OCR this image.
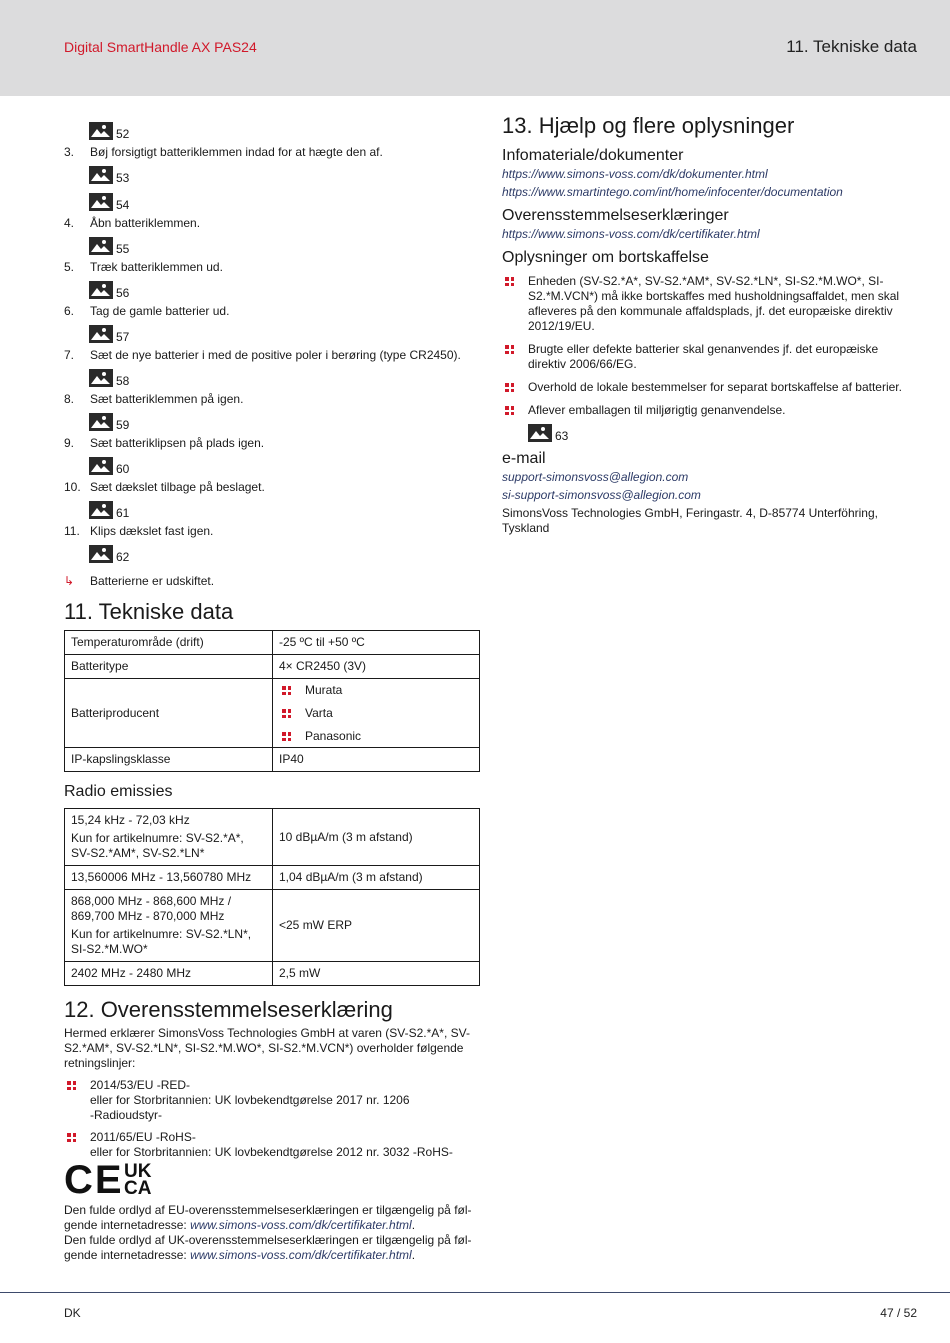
Digital SmartHandle AX PAS24	11. Tekniske data
52
3.	Bøj forsigtigt batteriklemmen indad for at hægte den af.
53
54
4.	Åbn batteriklemmen.
55
5.	Træk batteriklemmen ud.
56
6.	Tag de gamle batterier ud.
57
7.	Sæt de nye batterier i med de positive poler i berøring (type CR2450).
58
8.	Sæt batteriklemmen på igen.
59
9.	Sæt batteriklipsen på plads igen.
60
10. Sæt dækslet tilbage på beslaget.
61
11. Klips dækslet fast igen.
62
↳	Batterierne er udskiftet.
11. Tekniske data
Temperaturområde (drift)	-25 ºC til +50 ºC
Batteritype	4× CR2450 (3V)
Batteriproducent	Murata
Varta
Panasonic

IP-kapslingsklasse	IP40
Radio emissies
15,24 kHz - 72,03 kHz
Kun for artikelnumre: SV-S2.*A*, SV-S2.*AM*, SV-S2.*LN*	10 dBµA/m (3 m afstand)
13,560006 MHz - 13,560780 MHz	1,04 dBµA/m (3 m afstand)

868,000 MHz - 868,600 MHz / 869,700 MHz - 870,000 MHz
Kun for artikelnumre: SV-S2.*LN*, SI-S2.*M.WO*	<25 mW ERP
2402 MHz - 2480 MHz	2,5 mW
12. Overensstemmelseserklæring

Hermed erklærer SimonsVoss Technologies GmbH at varen (SV-S2.*A*, SV-S2.*AM*, SV-S2.*LN*, SI-S2.*M.WO*, SI-S2.*M.VCN*) overholder følgende retningslinjer:

2014/53/EU -RED-
eller for Storbritannien: UK lovbekendtgørelse 2017 nr. 1206
-Radioudstyr-
2011/65/EU -RoHS-
eller for Storbritannien: UK lovbekendtgørelse 2012 nr. 3032 -RoHS-
CE UKCA

Den fulde ordlyd af EU-overensstemmelseserklæringen er tilgængelig på føl-gende internetadresse: www.simons-voss.com/dk/certifikater.html.

Den fulde ordlyd af UK-overensstemmelseserklæringen er tilgængelig på føl-gende internetadresse: www.simons-voss.com/dk/certifikater.html.

13. Hjælp og flere oplysninger
Infomateriale/dokumenter
https://www.simons-voss.com/dk/dokumenter.html
https://www.smartintego.com/int/home/infocenter/documentation
Overensstemmelseserklæringer
https://www.simons-voss.com/dk/certifikater.html
Oplysninger om bortskaffelse
Enheden (SV-S2.*A*, SV-S2.*AM*, SV-S2.*LN*, SI-S2.*M.WO*, SI-S2.*M.VCN*) må ikke bortskaffes med husholdningsaffaldet, men skal afleveres på den kommunale affaldsplads, jf. det europæiske direktiv 2012/19/EU.
Brugte eller defekte batterier skal genanvendes jf. det europæiske direktiv 2006/66/EG.
Overhold de lokale bestemmelser for separat bortskaffelse af batterier.
Aflever emballagen til miljørigtig genanvendelse.
63
e-mail
support-simonsvoss@allegion.com
si-support-simonsvoss@allegion.com
SimonsVoss Technologies GmbH, Feringastr. 4, D-85774 Unterföhring, Tyskland
DK	47 / 52
